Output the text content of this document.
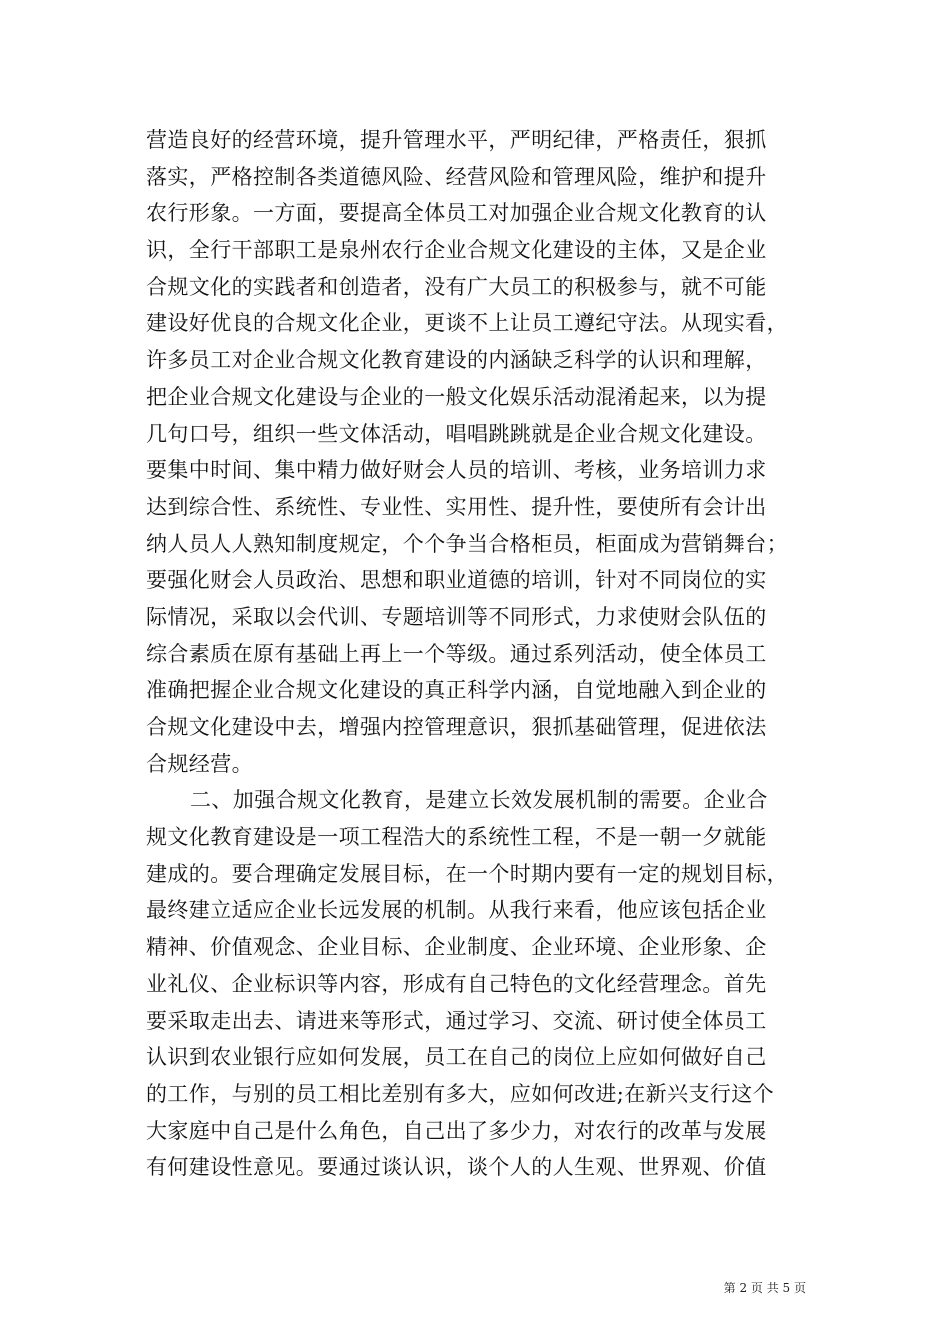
营造良好的经营环境，提升管理水平，严明纪律，严格责任，狠抓
落实，严格控制各类道德风险、经营风险和管理风险，维护和提升
农行形象。一方面，要提高全体员工对加强企业合规文化教育的认
识，全行干部职工是泉州农行企业合规文化建设的主体，又是企业
合规文化的实践者和创造者，没有广大员工的积极参与，就不可能
建设好优良的合规文化企业，更谈不上让员工遵纪守法。从现实看，
许多员工对企业合规文化教育建设的内涵缺乏科学的认识和理解，
把企业合规文化建设与企业的一般文化娱乐活动混淆起来，以为提
几句口号，组织一些文体活动，唱唱跳跳就是企业合规文化建设。
要集中时间、集中精力做好财会人员的培训、考核，业务培训力求
达到综合性、系统性、专业性、实用性、提升性，要使所有会计出
纳人员人人熟知制度规定，个个争当合格柜员，柜面成为营销舞台；
要强化财会人员政治、思想和职业道德的培训，针对不同岗位的实
际情况，采取以会代训、专题培训等不同形式，力求使财会队伍的
综合素质在原有基础上再上一个等级。通过系列活动，使全体员工
准确把握企业合规文化建设的真正科学内涵，自觉地融入到企业的
合规文化建设中去，增强内控管理意识，狠抓基础管理，促进依法
合规经营。
二、加强合规文化教育，是建立长效发展机制的需要。企业合
规文化教育建设是一项工程浩大的系统性工程，不是一朝一夕就能
建成的。要合理确定发展目标，在一个时期内要有一定的规划目标，
最终建立适应企业长远发展的机制。从我行来看，他应该包括企业
精神、价值观念、企业目标、企业制度、企业环境、企业形象、企
业礼仪、企业标识等内容，形成有自己特色的文化经营理念。首先
要采取走出去、请进来等形式，通过学习、交流、研讨使全体员工
认识到农业银行应如何发展，员工在自己的岗位上应如何做好自己
的工作，与别的员工相比差别有多大，应如何改进;在新兴支行这个
大家庭中自己是什么角色，自己出了多少力，对农行的改革与发展
有何建设性意见。要通过谈认识，谈个人的人生观、世界观、价值
第 2 页 共 5 页
